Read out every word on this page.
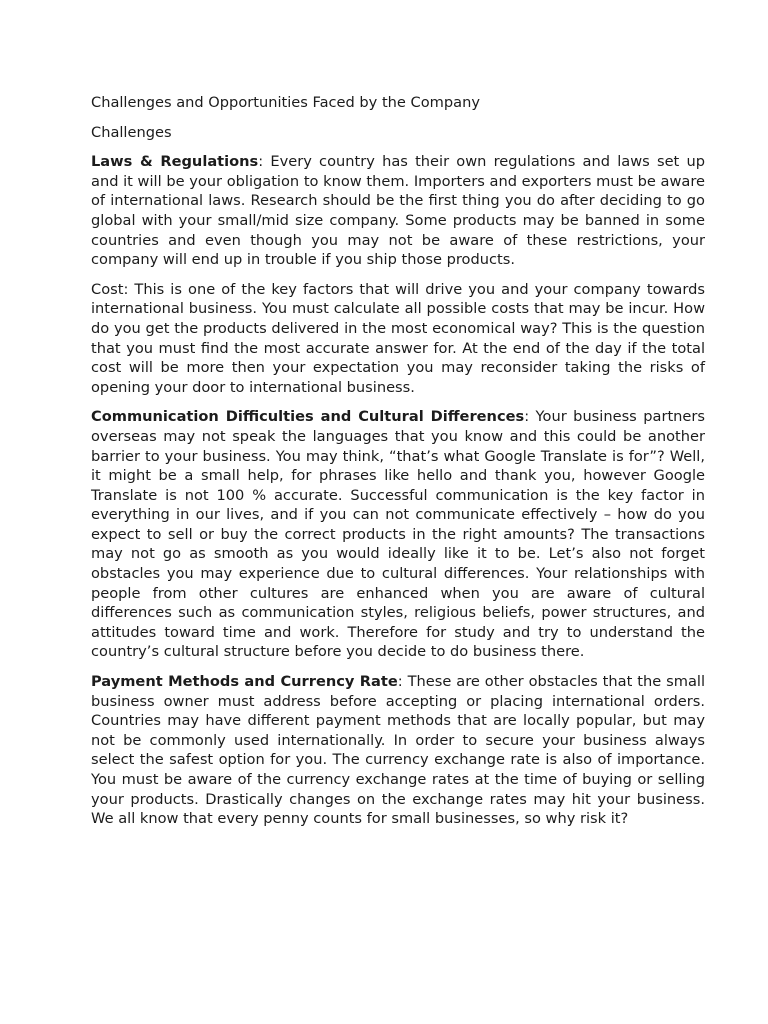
Challenges and Opportunities Faced by the Company

Challenges

Laws & Regulations: Every country has their own regulations and laws set up and it will be your obligation to know them. Importers and exporters must be aware of international laws. Research should be the first thing you do after deciding to go global with your small/mid size company. Some products may be banned in some countries and even though you may not be aware of these restrictions, your company will end up in trouble if you ship those products.

Cost: This is one of the key factors that will drive you and your company towards international business. You must calculate all possible costs that may be incur. How do you get the products delivered in the most economical way? This is the question that you must find the most accurate answer for. At the end of the day if the total cost will be more then your expectation you may reconsider taking the risks of opening your door to international business.

Communication Difficulties and Cultural Differences: Your business partners overseas may not speak the languages that you know and this could be another barrier to your business. You may think, “that’s what Google Translate is for”? Well, it might be a small help, for phrases like hello and thank you, however Google Translate is not 100 % accurate. Successful communication is the key factor in everything in our lives, and if you can not communicate effectively – how do you expect to sell or buy the correct products in the right amounts? The transactions may not go as smooth as you would ideally like it to be. Let’s also not forget obstacles you may experience due to cultural differences. Your relationships with people from other cultures are enhanced when you are aware of cultural differences such as communication styles, religious beliefs, power structures, and attitudes toward time and work. Therefore for study and try to understand the country’s cultural structure before you decide to do business there.

Payment Methods and Currency Rate: These are other obstacles that the small business owner must address before accepting or placing international orders. Countries may have different payment methods that are locally popular, but may not be commonly used internationally. In order to secure your business always select the safest option for you. The currency exchange rate is also of importance. You must be aware of the currency exchange rates at the time of buying or selling your products. Drastically changes on the exchange rates may hit your business. We all know that every penny counts for small businesses, so why risk it?
